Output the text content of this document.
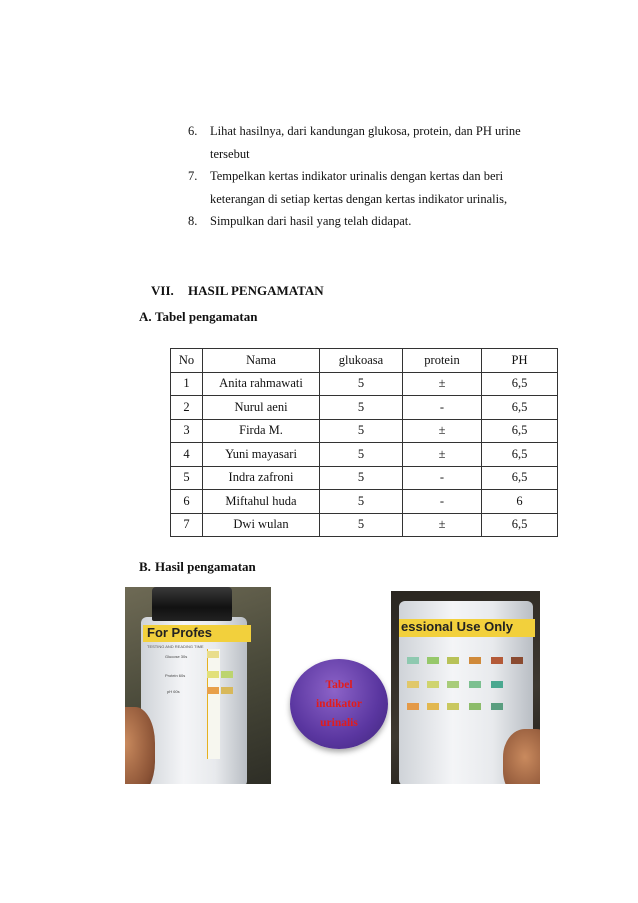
6.	Lihat hasilnya, dari kandungan glukosa, protein, dan PH urine tersebut
7.	Tempelkan kertas indikator urinalis dengan kertas dan beri keterangan di setiap kertas dengan kertas indikator urinalis,
8.	Simpulkan dari hasil yang telah didapat.
VII. HASIL PENGAMATAN
A. Tabel pengamatan
No	Nama	glukoasa	protein	PH
1	Anita rahmawati	5	±	6,5
2	Nurul aeni	5	-	6,5
3	Firda M.	5	±	6,5
4	Yuni mayasari	5	±	6,5
5	Indra zafroni	5	-	6,5
6	Miftahul huda	5	-	6
7	Dwi wulan	5	±	6,5
B. Hasil pengamatan
For Profes
TESTING AND READING TIME
Glucose 30s
Protein 60s
pH 60s
essional Use Only
Tabel
indikator
urinalis
